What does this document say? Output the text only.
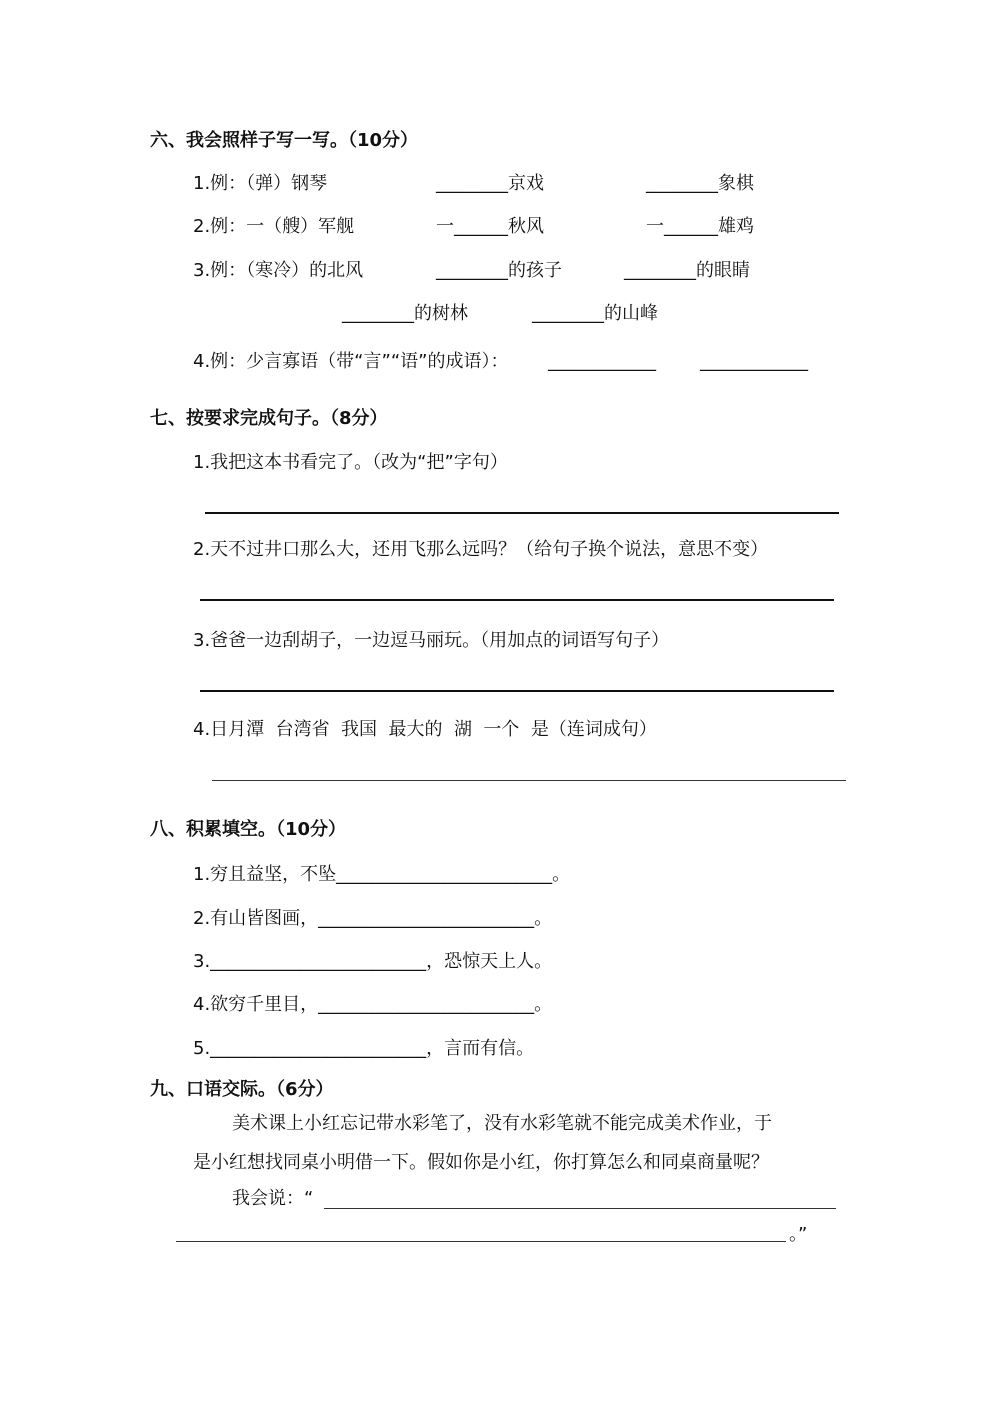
六、我会照样子写一写。（10分）
1.例：（弹）钢琴	________京戏	________象棋
2.例：一（艘）军舰	一______秋风	一______雄鸡
3.例：（寒冷）的北风	________的孩子	________的眼睛
________的树林	________的山峰
4.例：少言寡语（带“言”“语”的成语）： ____________ ____________
七、按要求完成句子。（8分）
1.我把这本书看完了。（改为“把”字句）
2.天不过井口那么大，还用飞那么远吗？（给句子换个说法，意思不变）
3.爸爸一边刮胡子，一边逗马丽玩。（用加点的词语写句子）
4.日月潭  台湾省  我国  最大的  湖  一个  是（连词成句）
八、积累填空。（10分）
1.穷且益坚，不坠________________________。
2.有山皆图画，________________________。
3.________________________，恐惊天上人。
4.欲穷千里目，________________________。
5.________________________，言而有信。
九、口语交际。（6分）
美术课上小红忘记带水彩笔了，没有水彩笔就不能完成美术作业，于
是小红想找同桌小明借一下。假如你是小红，你打算怎么和同桌商量呢？
我会说：“
。”
